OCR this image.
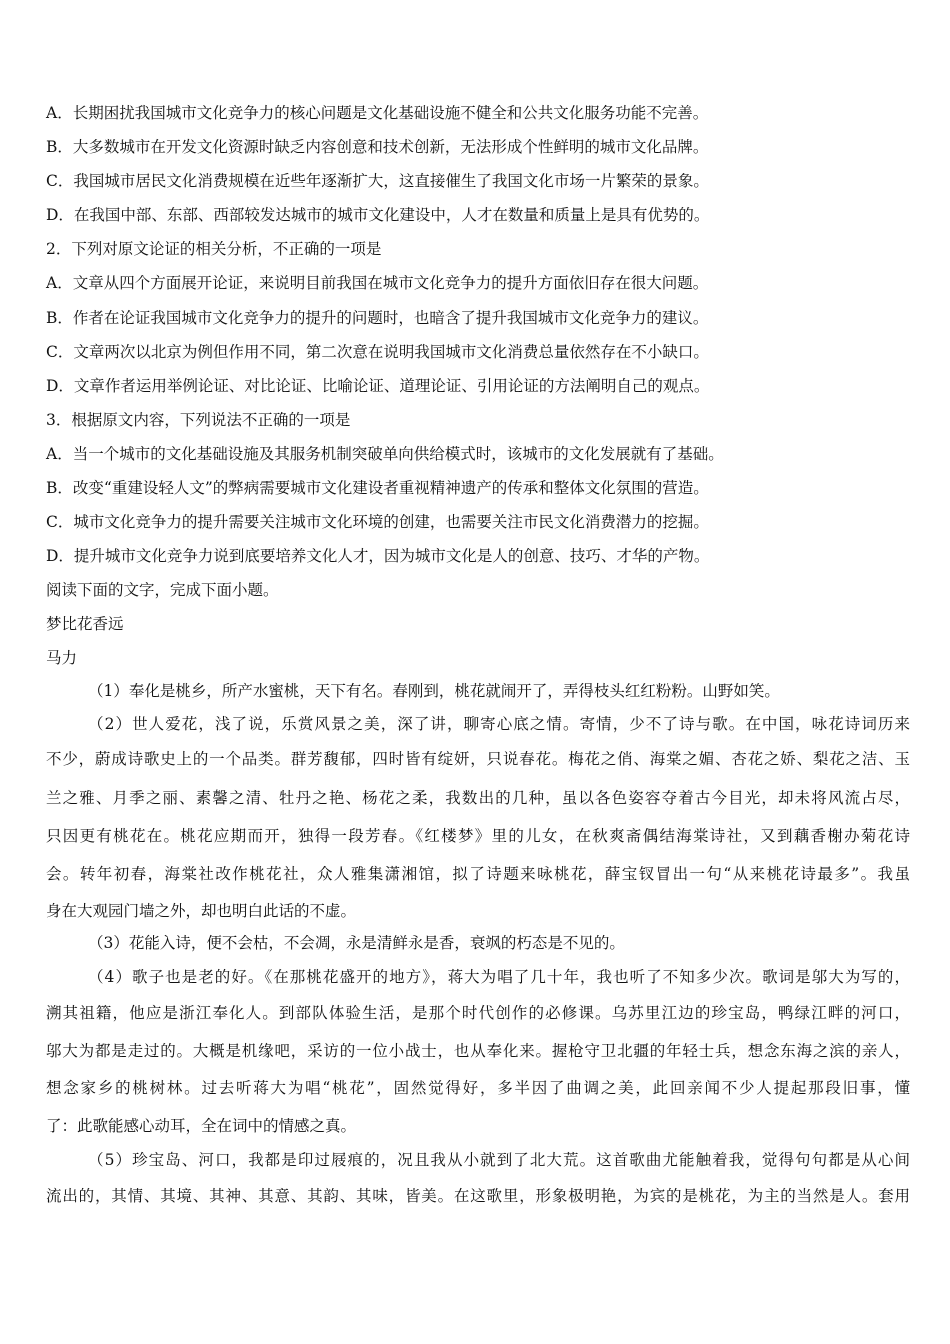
A．长期困扰我国城市文化竞争力的核心问题是文化基础设施不健全和公共文化服务功能不完善。
B．大多数城市在开发文化资源时缺乏内容创意和技术创新，无法形成个性鲜明的城市文化品牌。
C．我国城市居民文化消费规模在近些年逐渐扩大，这直接催生了我国文化市场一片繁荣的景象。
D．在我国中部、东部、西部较发达城市的城市文化建设中，人才在数量和质量上是具有优势的。
2．下列对原文论证的相关分析，不正确的一项是
A．文章从四个方面展开论证，来说明目前我国在城市文化竞争力的提升方面依旧存在很大问题。
B．作者在论证我国城市文化竞争力的提升的问题时，也暗含了提升我国城市文化竞争力的建议。
C．文章两次以北京为例但作用不同，第二次意在说明我国城市文化消费总量依然存在不小缺口。
D．文章作者运用举例论证、对比论证、比喻论证、道理论证、引用论证的方法阐明自己的观点。
3．根据原文内容，下列说法不正确的一项是
A．当一个城市的文化基础设施及其服务机制突破单向供给模式时，该城市的文化发展就有了基础。
B．改变“重建设轻人文”的弊病需要城市文化建设者重视精神遗产的传承和整体文化氛围的营造。
C．城市文化竞争力的提升需要关注城市文化环境的创建，也需要关注市民文化消费潜力的挖掘。
D．提升城市文化竞争力说到底要培养文化人才，因为城市文化是人的创意、技巧、才华的产物。
阅读下面的文字，完成下面小题。
梦比花香远
马力
（1）奉化是桃乡，所产水蜜桃，天下有名。春刚到，桃花就闹开了，弄得枝头红红粉粉。山野如笑。
（2）世人爱花，浅了说，乐赏风景之美，深了讲，聊寄心底之情。寄情，少不了诗与歌。在中国，咏花诗词历来
不少，蔚成诗歌史上的一个品类。群芳馥郁，四时皆有绽妍，只说春花。梅花之俏、海棠之媚、杏花之娇、梨花之洁、玉
兰之雅、月季之丽、素馨之清、牡丹之艳、杨花之柔，我数出的几种，虽以各色姿容夺着古今目光，却未将风流占尽，
只因更有桃花在。桃花应期而开，独得一段芳春。《红楼梦》里的儿女，在秋爽斋偶结海棠诗社，又到藕香榭办菊花诗
会。转年初春，海棠社改作桃花社，众人雅集潇湘馆，拟了诗题来咏桃花，薛宝钗冒出一句“从来桃花诗最多”。我虽
身在大观园门墙之外，却也明白此话的不虚。
（3）花能入诗，便不会枯，不会凋，永是清鲜永是香，衰飒的朽态是不见的。
（4）歌子也是老的好。《在那桃花盛开的地方》，蒋大为唱了几十年，我也听了不知多少次。歌词是邬大为写的，
溯其祖籍，他应是浙江奉化人。到部队体验生活，是那个时代创作的必修课。乌苏里江边的珍宝岛，鸭绿江畔的河口，
邬大为都是走过的。大概是机缘吧，采访的一位小战士，也从奉化来。握枪守卫北疆的年轻士兵，想念东海之滨的亲人，
想念家乡的桃树林。过去听蒋大为唱“桃花”，固然觉得好，多半因了曲调之美，此回亲闻不少人提起那段旧事，懂
了：此歌能感心动耳，全在词中的情感之真。
（5）珍宝岛、河口，我都是印过屐痕的，况且我从小就到了北大荒。这首歌曲尤能触着我，觉得句句都是从心间
流出的，其情、其境、其神、其意、其韵、其味，皆美。在这歌里，形象极明艳，为宾的是桃花，为主的当然是人。套用
